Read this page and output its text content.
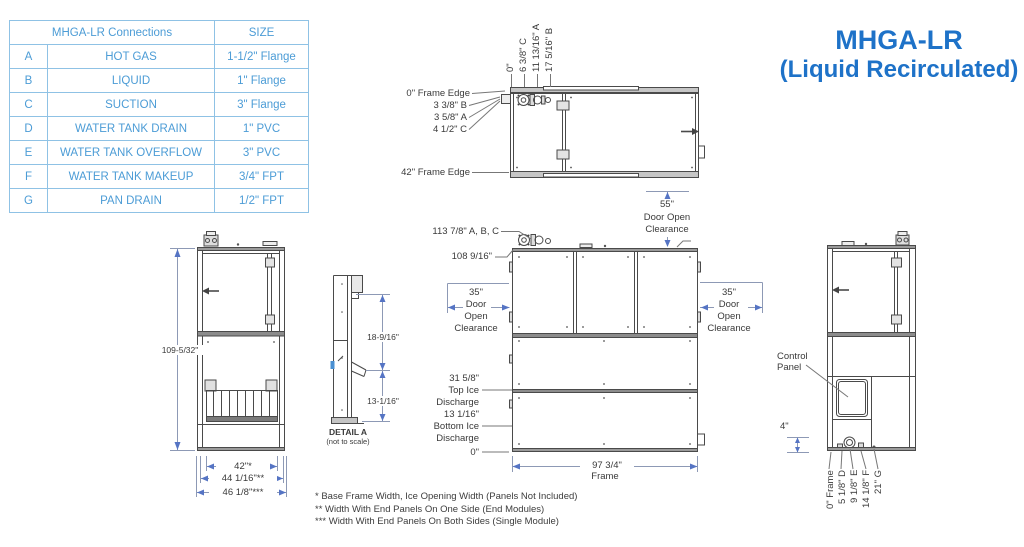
MHGA-LR Connections	SIZE
A	HOT GAS	1-1/2" Flange
B	LIQUID	1" Flange
C	SUCTION	3" Flange
D	WATER TANK DRAIN	1" PVC
E	WATER TANK OVERFLOW	3" PVC
F	WATER TANK MAKEUP	3/4" FPT
G	PAN DRAIN	1/2" FPT
MHGA-LR
(Liquid Recirculated)
0" 6 3/8" C 11 13/16" A 17 5/16" B
0" Frame Edge
3 3/8" B
3 5/8" A
4 1/2" C
42" Frame Edge
109-5/32"
42"*
44 1/16"**
46 1/8"***
18-9/16"
13-1/16"
DETAIL A
(not to scale)
113 7/8" A, B, C
108 9/16"
55"
Door Open
Clearance
35"
Door
Open
Clearance
35"
Door
Open
Clearance
31 5/8"
Top Ice
Discharge
13 1/16"
Bottom Ice
Discharge
0"
97 3/4"
Frame
Control
Panel
4"
0" Frame 5 1/8" D 9 1/8" E 14 1/8" F 21" G
* Base Frame Width, Ice Opening Width (Panels Not Included)
** Width With End Panels On One Side (End Modules)
*** Width With End Panels On Both Sides (Single Module)
